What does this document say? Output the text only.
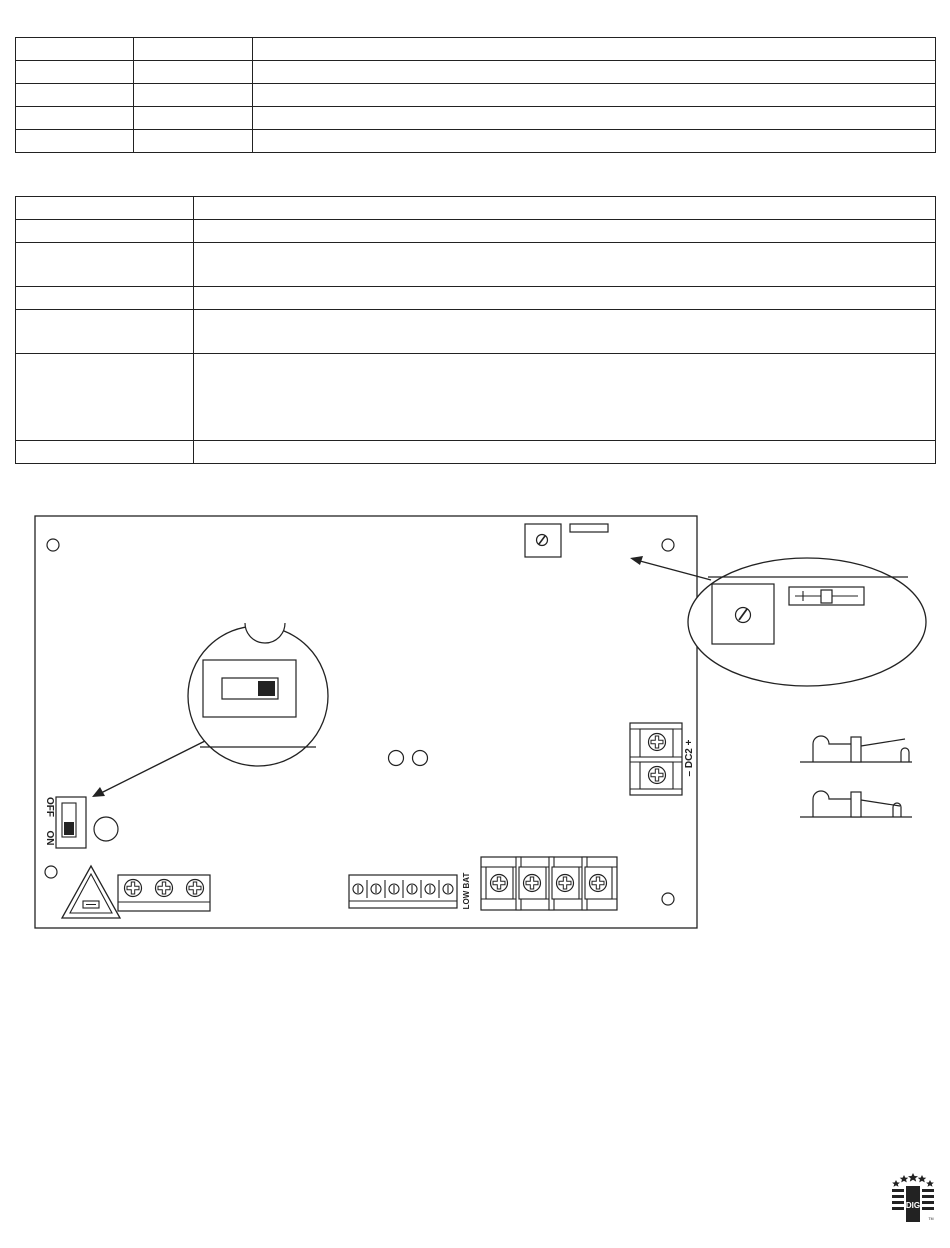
OFF
ON
– DC2 +
LOW BAT
DIG
TM
